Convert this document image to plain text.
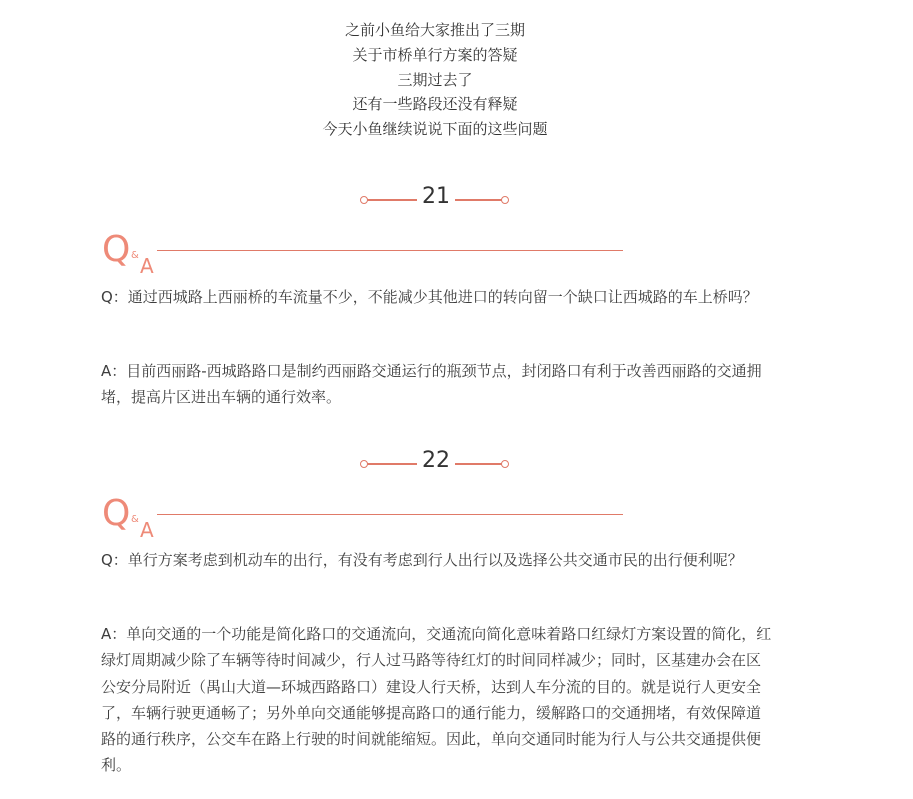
之前小鱼给大家推出了三期
关于市桥单行方案的答疑
三期过去了
还有一些路段还没有释疑
今天小鱼继续说说下面的这些问题
21
Q & A

Q：通过西城路上西丽桥的车流量不少，不能减少其他进口的转向留一个缺口让西城路的车上桥吗？

A：目前西丽路-西城路路口是制约西丽路交通运行的瓶颈节点，封闭路口有利于改善西丽路的交通拥堵，提高片区进出车辆的通行效率。

22
Q & A

Q：单行方案考虑到机动车的出行，有没有考虑到行人出行以及选择公共交通市民的出行便利呢？

A：单向交通的一个功能是简化路口的交通流向，交通流向简化意味着路口红绿灯方案设置的简化，红绿灯周期减少除了车辆等待时间减少，行人过马路等待红灯的时间同样减少；同时，区基建办会在区公安分局附近（禺山大道—环城西路路口）建设人行天桥，达到人车分流的目的。就是说行人更安全了，车辆行驶更通畅了；另外单向交通能够提高路口的通行能力，缓解路口的交通拥堵，有效保障道路的通行秩序，公交车在路上行驶的时间就能缩短。因此，单向交通同时能为行人与公共交通提供便利。
